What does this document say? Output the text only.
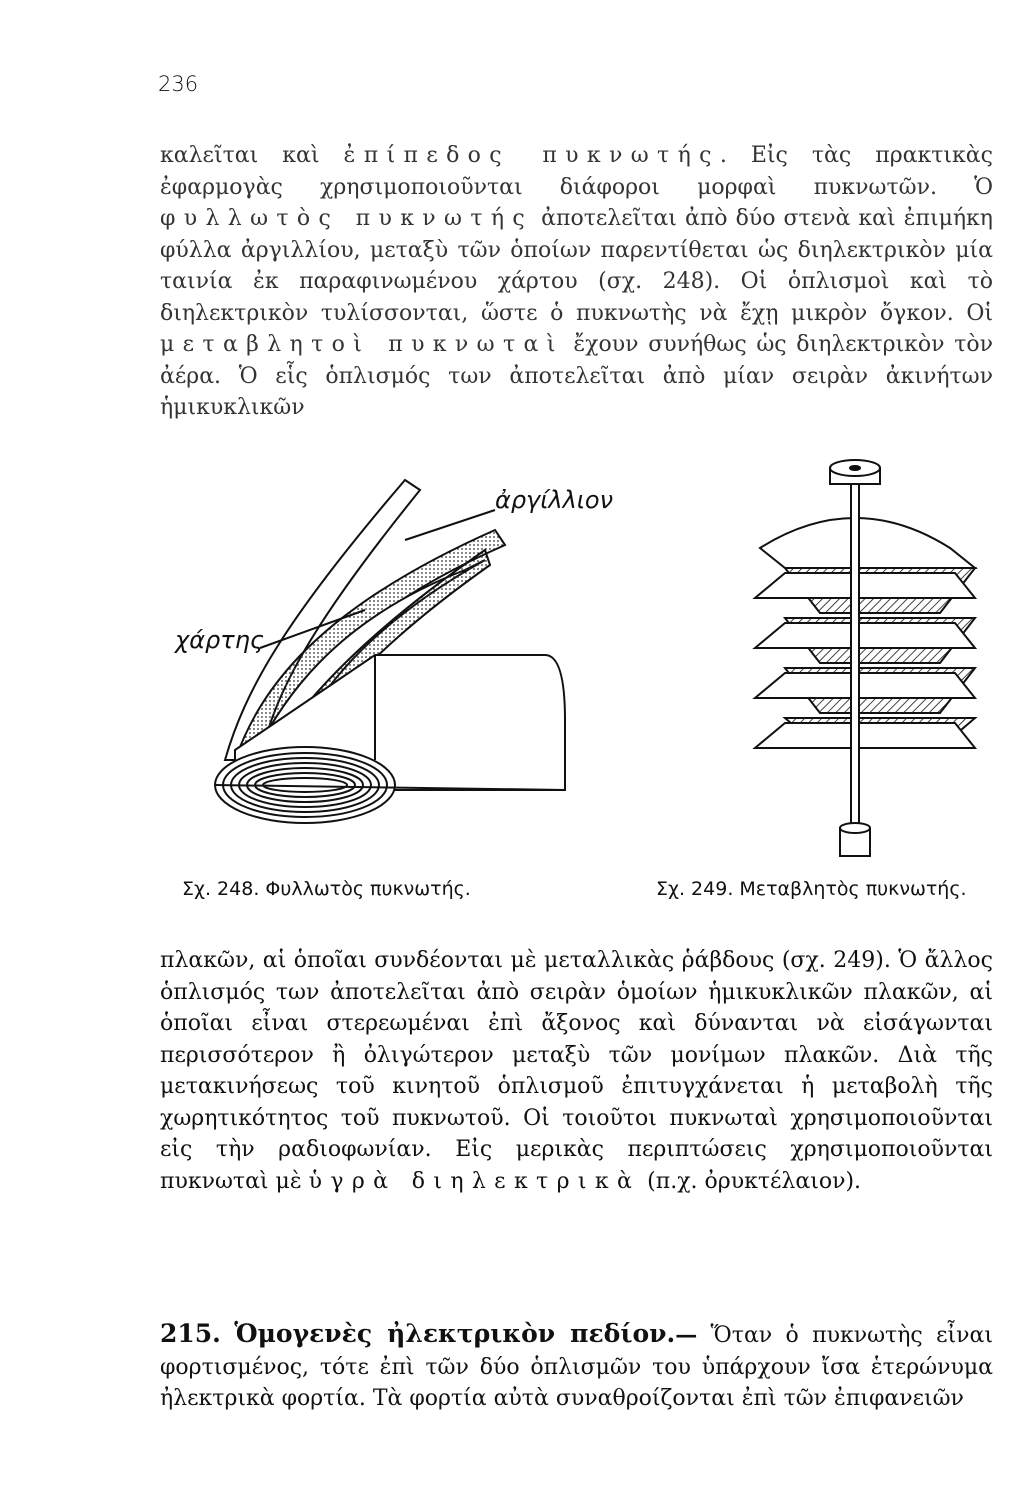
236
καλεῖται καὶ ἐπίπεδος πυκνωτής. Εἰς τὰς πρακτικὰς ἐφαρμογὰς χρησιμοποιοῦνται διάφοροι μορφαὶ πυκνωτῶν. Ὁ φυλλωτὸς πυκνωτής ἀποτελεῖται ἀπὸ δύο στενὰ καὶ ἐπιμήκη φύλλα ἀργιλλίου, μεταξὺ τῶν ὁποίων παρεντίθεται ὡς διηλεκτρικὸν μία ταινία ἐκ παραφινωμένου χάρτου (σχ. 248). Οἱ ὁπλισμοὶ καὶ τὸ διηλεκτρικὸν τυλίσσονται, ὥστε ὁ πυκνωτὴς νὰ ἔχῃ μικρὸν ὄγκον. Οἱ μεταβλητοὶ πυκνωταὶ ἔχουν συνήθως ὡς διηλεκτρικὸν τὸν ἀέρα. Ὁ εἷς ὁπλισμός των ἀποτελεῖται ἀπὸ μίαν σειρὰν ἀκινήτων ἡμικυκλικῶν
ἀργίλλιον
χάρτης
Σχ. 248. Φυλλωτὸς πυκνωτής.	Σχ. 249. Μεταβλητὸς πυκνωτής.
πλακῶν, αἱ ὁποῖαι συνδέονται μὲ μεταλλικὰς ῥάβδους (σχ. 249). Ὁ ἄλλος ὁπλισμός των ἀποτελεῖται ἀπὸ σειρὰν ὁμοίων ἡμικυκλικῶν πλακῶν, αἱ ὁποῖαι εἶναι στερεωμέναι ἐπὶ ἄξονος καὶ δύνανται νὰ εἰσάγωνται περισσότερον ἢ ὀλιγώτερον μεταξὺ τῶν μονίμων πλακῶν. Διὰ τῆς μετακινήσεως τοῦ κινητοῦ ὁπλισμοῦ ἐπιτυγχάνεται ἡ μεταβολὴ τῆς χωρητικότητος τοῦ πυκνωτοῦ. Οἱ τοιοῦτοι πυκνωταὶ χρησιμοποιοῦνται εἰς τὴν ραδιοφωνίαν. Εἰς μερικὰς περιπτώσεις χρησιμοποιοῦνται πυκνωταὶ μὲ ὑγρὰ διηλεκτρικὰ (π.χ. ὀρυκτέλαιον).
215. Ὁμογενὲς ἠλεκτρικὸν πεδίον.— Ὅταν ὁ πυκνωτὴς εἶναι φορτισμένος, τότε ἐπὶ τῶν δύο ὁπλισμῶν του ὑπάρχουν ἴσα ἑτερώνυμα ἠλεκτρικὰ φορτία. Τὰ φορτία αὐτὰ συναθροίζονται ἐπὶ τῶν ἐπιφανειῶν
